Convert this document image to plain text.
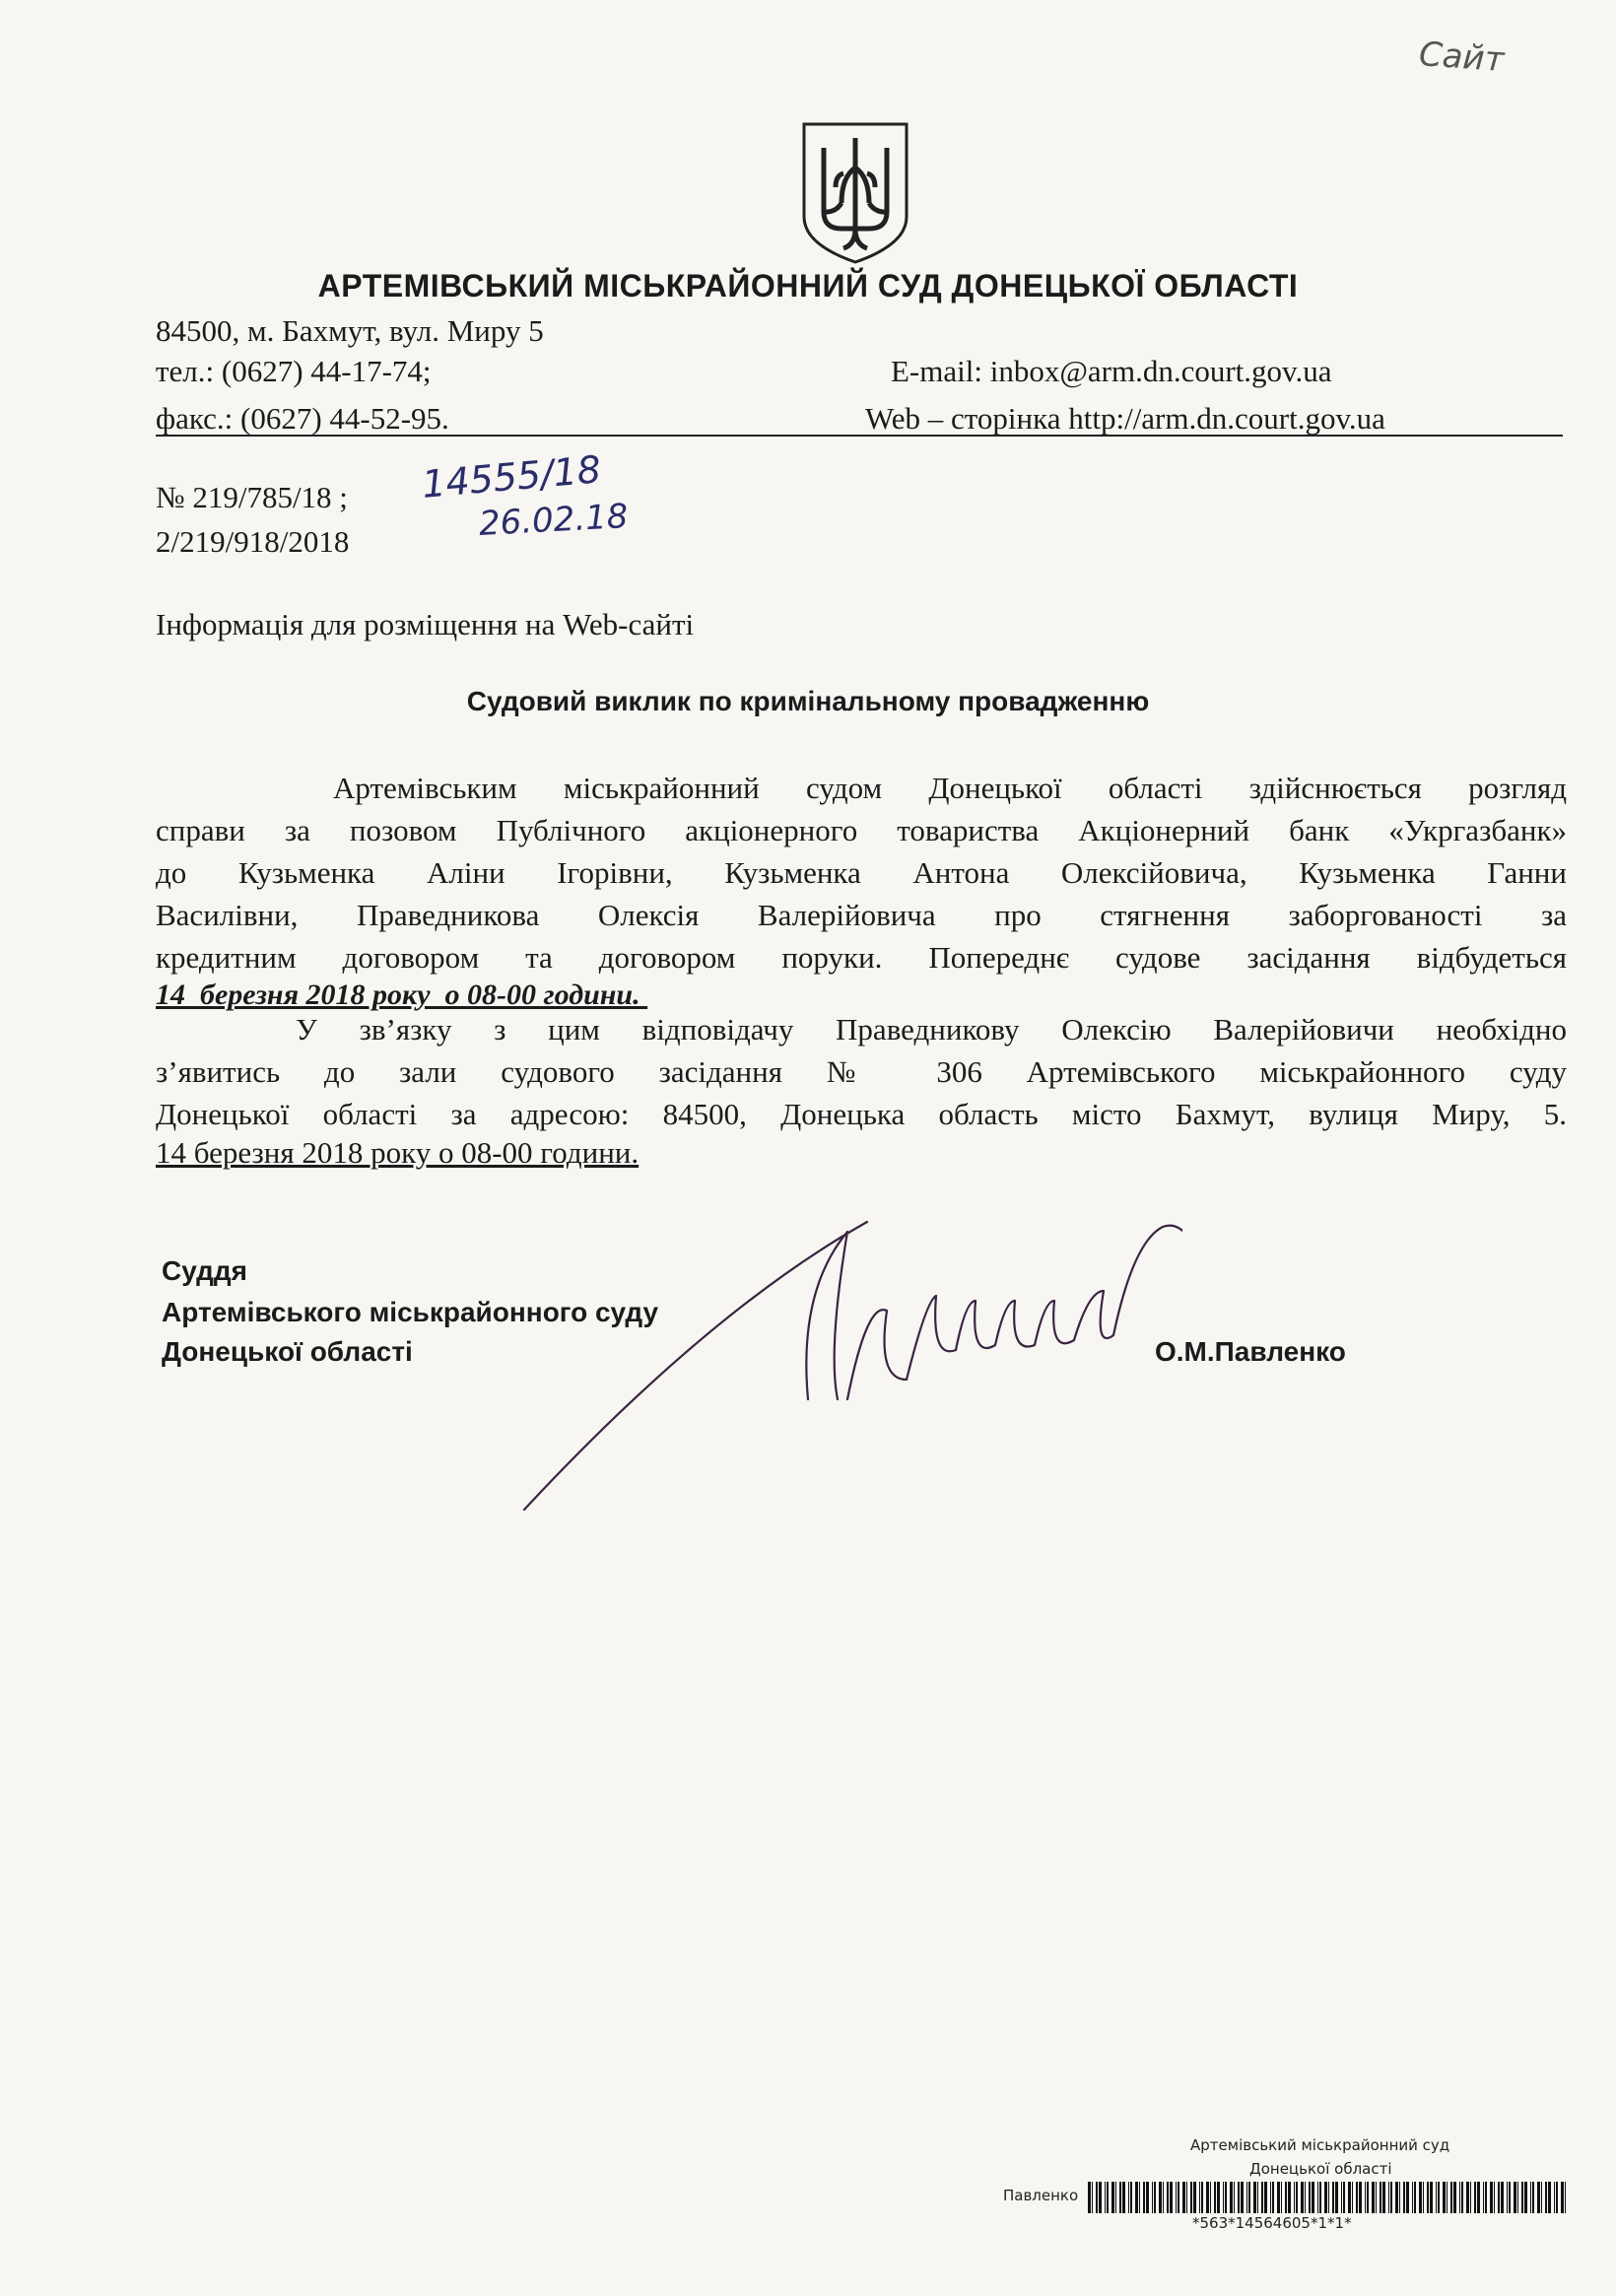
Сайт
АРТЕМІВСЬКИЙ МІСЬКРАЙОННИЙ СУД ДОНЕЦЬКОЇ ОБЛАСТІ
84500, м. Бахмут, вул. Миру 5
тел.: (0627) 44-17-74;
факс.: (0627) 44-52-95.
E-mail: inbox@arm.dn.court.gov.ua
Web – сторінка http://arm.dn.court.gov.ua
№ 219/785/18 ;
2/219/918/2018
14555/18
26.02.18
Інформація для розміщення на Web-сайті
Судовий виклик по кримінальному провадженню
Артемівським міськрайонний судом Донецької області здійснюється розгляд
справи за позовом Публічного акціонерного товариства Акціонерний банк «Укргазбанк»
до Кузьменка Аліни Ігорівни, Кузьменка Антона Олексійовича, Кузьменка Ганни
Василівни, Праведникова Олексія Валерійовича про стягнення заборгованості за
кредитним договором та договором поруки. Попереднє судове засідання відбудеться
14  березня 2018 року  о 08-00 години.
У зв’язку з цим відповідачу Праведникову Олексію Валерійовичи необхідно
з’явитись до зали судового засідання № 306 Артемівського міськрайонного суду
Донецької області за адресою: 84500, Донецька область місто Бахмут, вулиця Миру, 5.
14 березня 2018 року о 08-00 години.
Суддя
Артемівського міськрайонного суду
Донецької області	О.М.Павленко
Артемівський міськрайонний суд
Донецької області
Павленко
*563*14564605*1*1*
